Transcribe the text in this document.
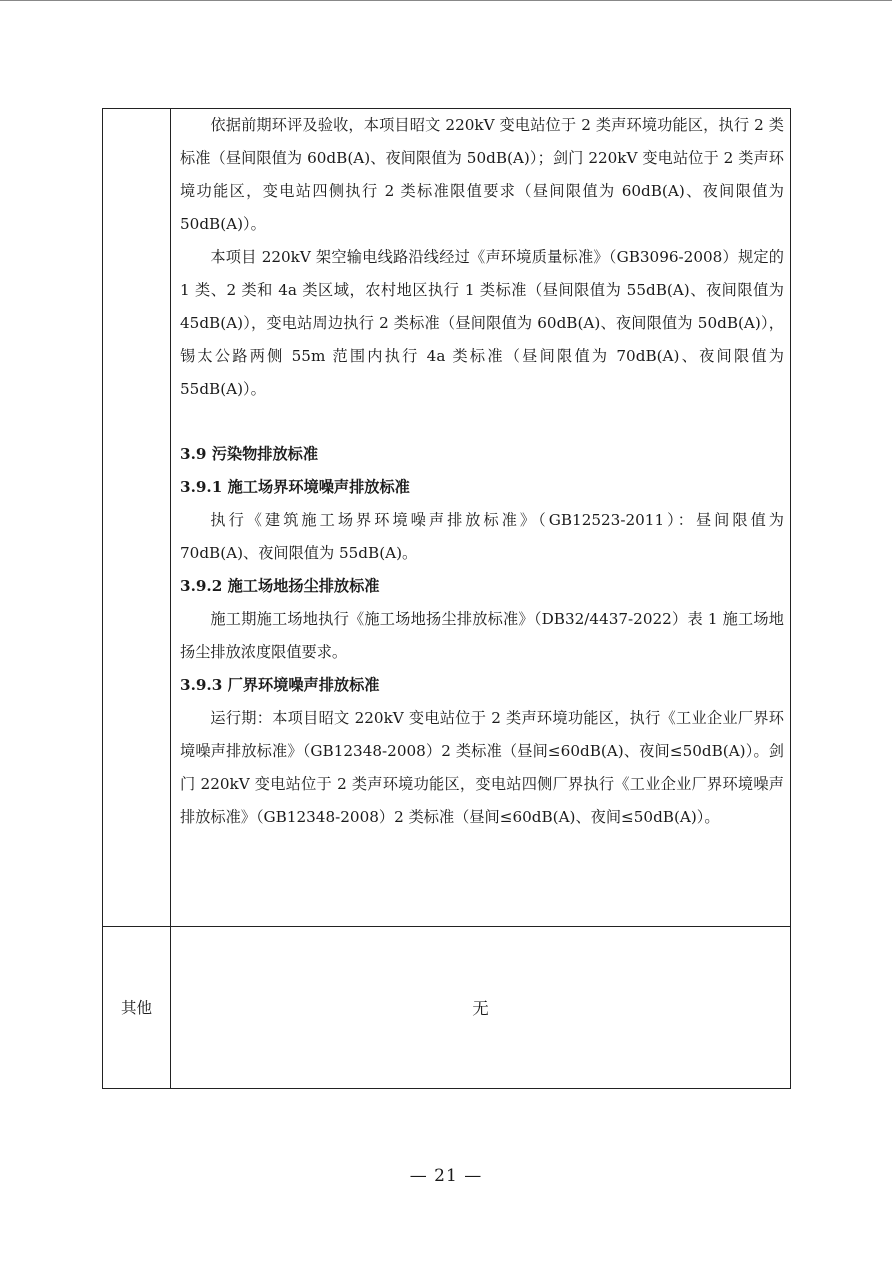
依据前期环评及验收，本项目昭文 220kV 变电站位于 2 类声环境功能区，执行 2 类标准（昼间限值为 60dB(A)、夜间限值为 50dB(A)）；剑门 220kV 变电站位于 2 类声环境功能区，变电站四侧执行 2 类标准限值要求（昼间限值为 60dB(A)、夜间限值为 50dB(A)）。

本项目 220kV 架空输电线路沿线经过《声环境质量标准》（GB3096-2008）规定的 1 类、2 类和 4a 类区域，农村地区执行 1 类标准（昼间限值为 55dB(A)、夜间限值为 45dB(A)），变电站周边执行 2 类标准（昼间限值为 60dB(A)、夜间限值为 50dB(A)），锡太公路两侧 55m 范围内执行 4a 类标准（昼间限值为 70dB(A)、夜间限值为 55dB(A)）。

3.9 污染物排放标准

3.9.1 施工场界环境噪声排放标准

执行《建筑施工场界环境噪声排放标准》（GB12523-2011）：昼间限值为 70dB(A)、夜间限值为 55dB(A)。

3.9.2 施工场地扬尘排放标准

施工期施工场地执行《施工场地扬尘排放标准》（DB32/4437-2022）表 1 施工场地扬尘排放浓度限值要求。

3.9.3 厂界环境噪声排放标准

运行期：本项目昭文 220kV 变电站位于 2 类声环境功能区，执行《工业企业厂界环境噪声排放标准》（GB12348-2008）2 类标准（昼间≤60dB(A)、夜间≤50dB(A)）。剑门 220kV 变电站位于 2 类声环境功能区，变电站四侧厂界执行《工业企业厂界环境噪声排放标准》（GB12348-2008）2 类标准（昼间≤60dB(A)、夜间≤50dB(A)）。

其他	无
— 21 —
